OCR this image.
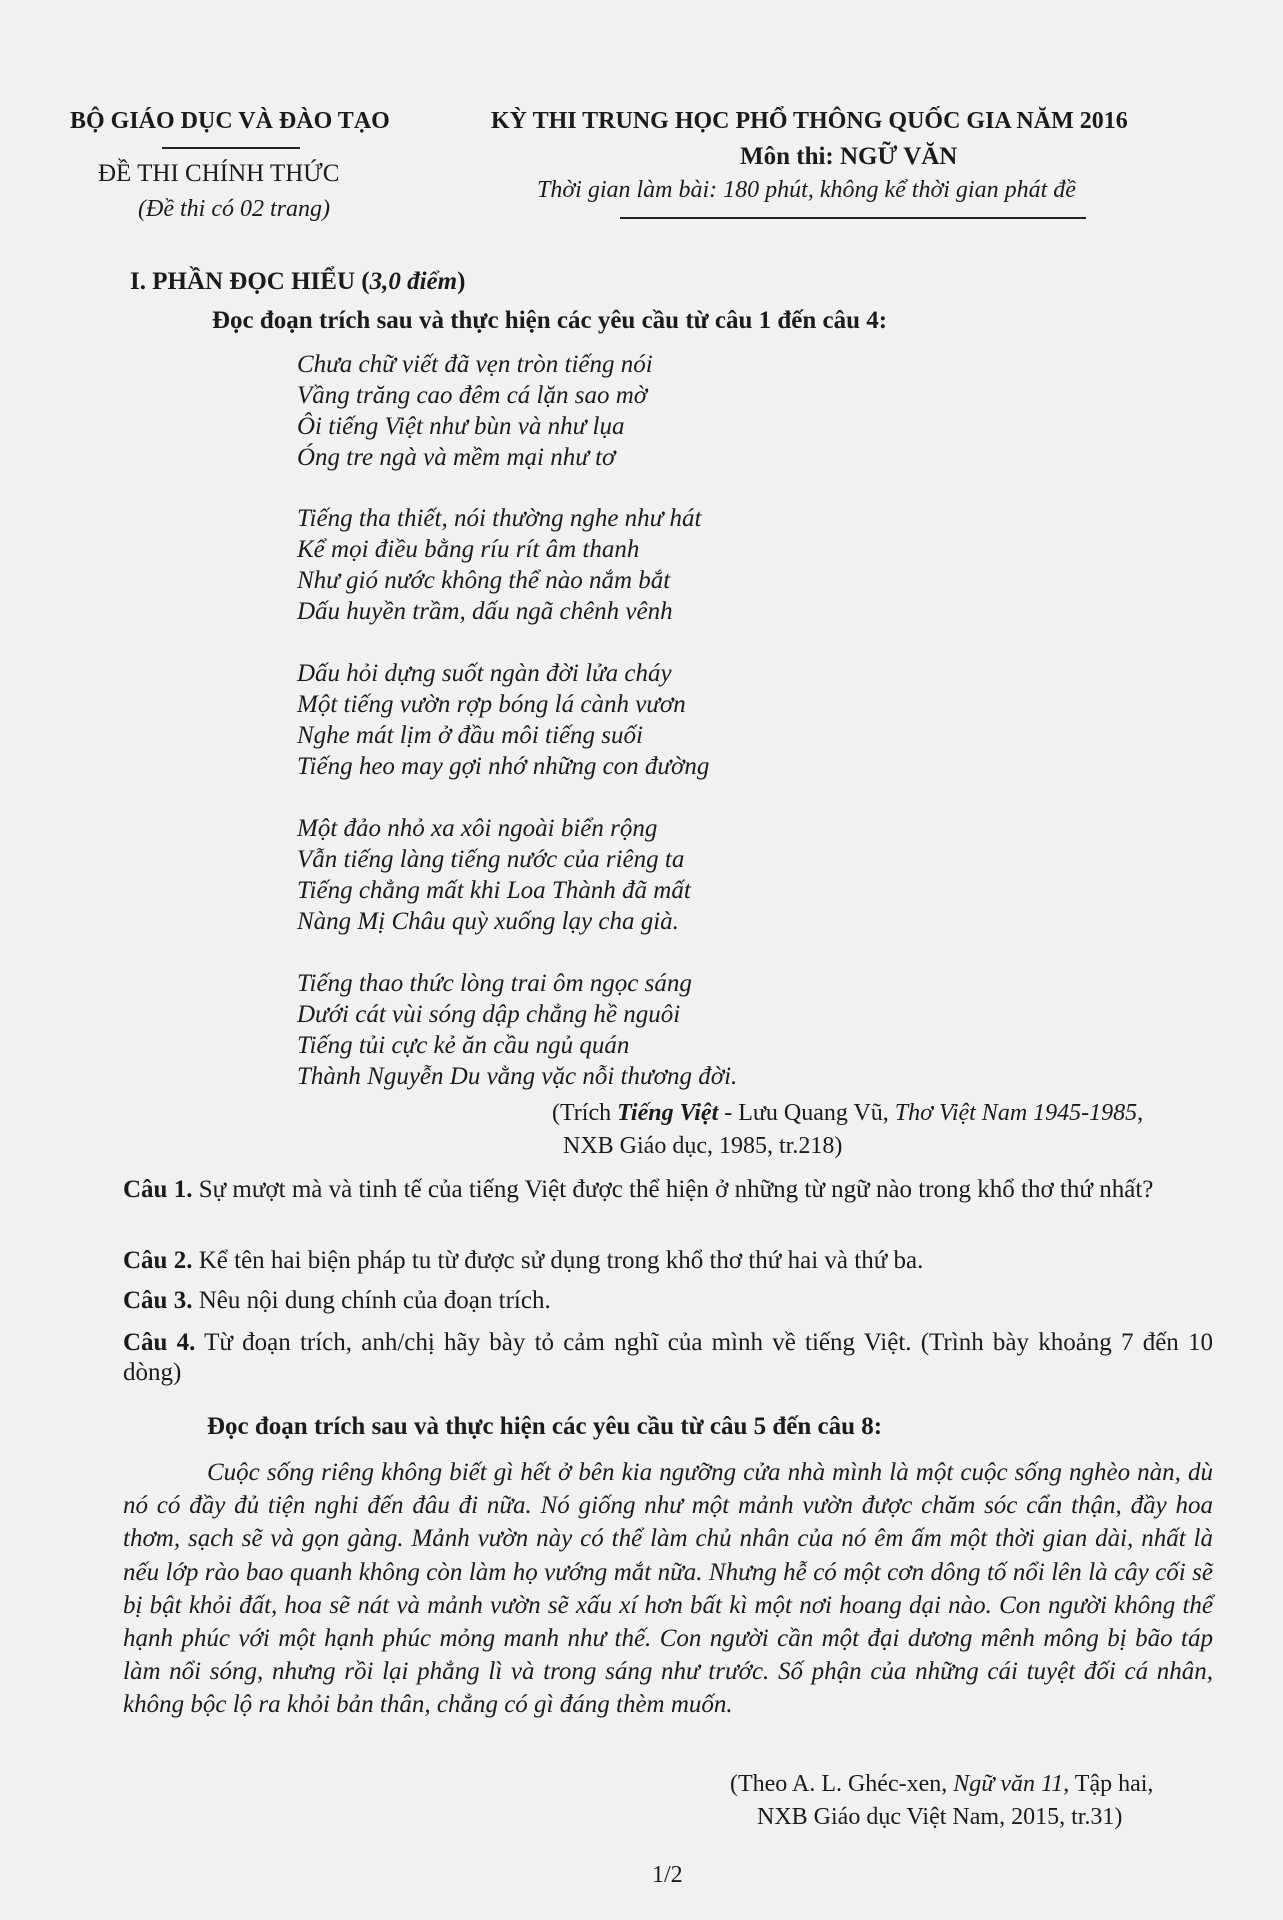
BỘ GIÁO DỤC VÀ ĐÀO TẠO
ĐỀ THI CHÍNH THỨC
(Đề thi có 02 trang)
KỲ THI TRUNG HỌC PHỔ THÔNG QUỐC GIA NĂM 2016
Môn thi: NGỮ VĂN
Thời gian làm bài: 180 phút, không kể thời gian phát đề
I. PHẦN ĐỌC HIỂU (3,0 điểm)
Đọc đoạn trích sau và thực hiện các yêu cầu từ câu 1 đến câu 4:
Chưa chữ viết đã vẹn tròn tiếng nói
Vầng trăng cao đêm cá lặn sao mờ
Ôi tiếng Việt như bùn và như lụa
Óng tre ngà và mềm mại như tơ
Tiếng tha thiết, nói thường nghe như hát
Kể mọi điều bằng ríu rít âm thanh
Như gió nước không thể nào nắm bắt
Dấu huyền trầm, dấu ngã chênh vênh
Dấu hỏi dựng suốt ngàn đời lửa cháy
Một tiếng vườn rợp bóng lá cành vươn
Nghe mát lịm ở đầu môi tiếng suối
Tiếng heo may gợi nhớ những con đường
Một đảo nhỏ xa xôi ngoài biển rộng
Vẫn tiếng làng tiếng nước của riêng ta
Tiếng chẳng mất khi Loa Thành đã mất
Nàng Mị Châu quỳ xuống lạy cha già.
Tiếng thao thức lòng trai ôm ngọc sáng
Dưới cát vùi sóng dập chẳng hề nguôi
Tiếng tủi cực kẻ ăn cầu ngủ quán
Thành Nguyễn Du vằng vặc nỗi thương đời.
(Trích Tiếng Việt - Lưu Quang Vũ, Thơ Việt Nam 1945-1985,
NXB Giáo dục, 1985, tr.218)
Câu 1. Sự mượt mà và tinh tế của tiếng Việt được thể hiện ở những từ ngữ nào trong khổ thơ thứ nhất?
Câu 2. Kể tên hai biện pháp tu từ được sử dụng trong khổ thơ thứ hai và thứ ba.
Câu 3. Nêu nội dung chính của đoạn trích.
Câu 4. Từ đoạn trích, anh/chị hãy bày tỏ cảm nghĩ của mình về tiếng Việt. (Trình bày khoảng 7 đến 10 dòng)
Đọc đoạn trích sau và thực hiện các yêu cầu từ câu 5 đến câu 8:
Cuộc sống riêng không biết gì hết ở bên kia ngưỡng cửa nhà mình là một cuộc sống nghèo nàn, dù nó có đầy đủ tiện nghi đến đâu đi nữa. Nó giống như một mảnh vườn được chăm sóc cẩn thận, đầy hoa thơm, sạch sẽ và gọn gàng. Mảnh vườn này có thể làm chủ nhân của nó êm ấm một thời gian dài, nhất là nếu lớp rào bao quanh không còn làm họ vướng mắt nữa. Nhưng hễ có một cơn dông tố nổi lên là cây cối sẽ bị bật khỏi đất, hoa sẽ nát và mảnh vườn sẽ xấu xí hơn bất kì một nơi hoang dại nào. Con người không thể hạnh phúc với một hạnh phúc mỏng manh như thế. Con người cần một đại dương mênh mông bị bão táp làm nổi sóng, nhưng rồi lại phẳng lì và trong sáng như trước. Số phận của những cái tuyệt đối cá nhân, không bộc lộ ra khỏi bản thân, chẳng có gì đáng thèm muốn.
(Theo A. L. Ghéc-xen, Ngữ văn 11, Tập hai,
NXB Giáo dục Việt Nam, 2015, tr.31)
1/2
